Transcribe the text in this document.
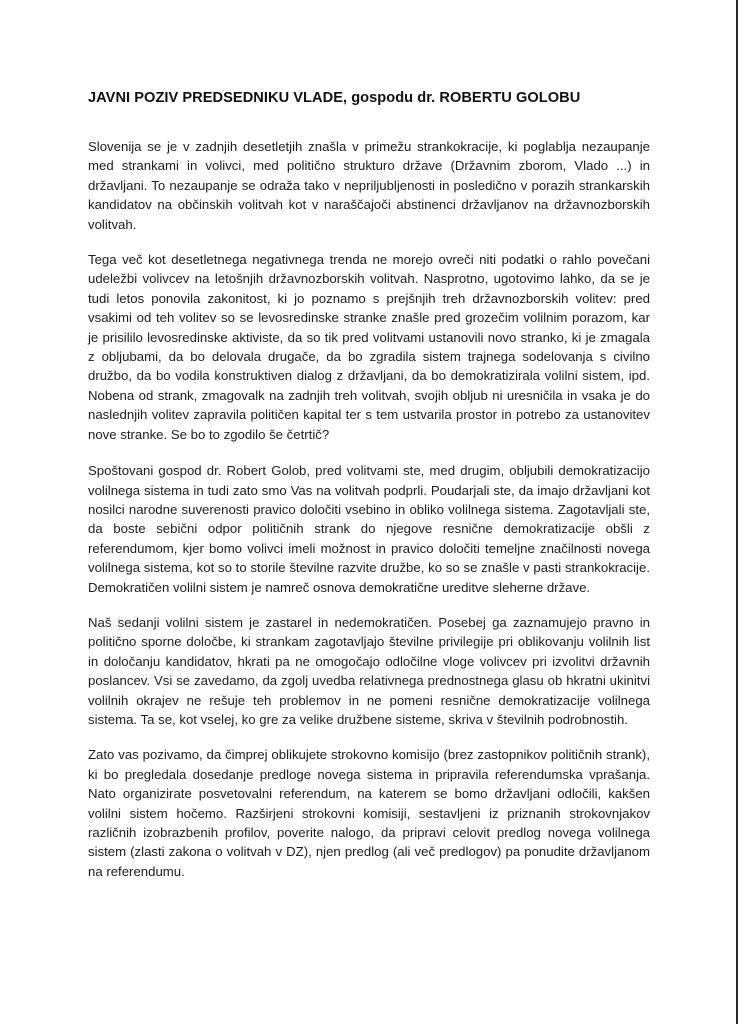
JAVNI POZIV PREDSEDNIKU VLADE, gospodu dr. ROBERTU GOLOBU

Slovenija se je v zadnjih desetletjih znašla v primežu strankokracije, ki poglablja nezaupanje med strankami in volivci, med politično strukturo države (Državnim zborom, Vlado ...) in državljani. To nezaupanje se odraža tako v nepriljubljenosti in posledično v porazih strankarskih kandidatov na občinskih volitvah kot v naraščajoči abstinenci državljanov na državnozborskih volitvah.

Tega več kot desetletnega negativnega trenda ne morejo ovreči niti podatki o rahlo povečani udeležbi volivcev na letošnjih državnozborskih volitvah. Nasprotno, ugotovimo lahko, da se je tudi letos ponovila zakonitost, ki jo poznamo s prejšnjih treh državnozborskih volitev: pred vsakimi od teh volitev so se levosredinske stranke znašle pred grozečim volilnim porazom, kar je prisililo levosredinske aktiviste, da so tik pred volitvami ustanovili novo stranko, ki je zmagala z obljubami, da bo delovala drugače, da bo zgradila sistem trajnega sodelovanja s civilno družbo, da bo vodila konstruktiven dialog z državljani, da bo demokratizirala volilni sistem, ipd. Nobena od strank, zmagovalk na zadnjih treh volitvah, svojih obljub ni uresničila in vsaka je do naslednjih volitev zapravila političen kapital ter s tem ustvarila prostor in potrebo za ustanovitev nove stranke. Se bo to zgodilo še četrtič?

Spoštovani gospod dr. Robert Golob, pred volitvami ste, med drugim, obljubili demokratizacijo volilnega sistema in tudi zato smo Vas na volitvah podprli. Poudarjali ste, da imajo državljani kot nosilci narodne suverenosti pravico določiti vsebino in obliko volilnega sistema. Zagotavljali ste, da boste sebični odpor političnih strank do njegove resnične demokratizacije obšli z referendumom, kjer bomo volivci imeli možnost in pravico določiti temeljne značilnosti novega volilnega sistema, kot so to storile številne razvite družbe, ko so se znašle v pasti strankokracije. Demokratičen volilni sistem je namreč osnova demokratične ureditve sleherne države.

Naš sedanji volilni sistem je zastarel in nedemokratičen. Posebej ga zaznamujejo pravno in politično sporne določbe, ki strankam zagotavljajo številne privilegije pri oblikovanju volilnih list in določanju kandidatov, hkrati pa ne omogočajo odločilne vloge volivcev pri izvolitvi državnih poslancev. Vsi se zavedamo, da zgolj uvedba relativnega prednostnega glasu ob hkratni ukinitvi volilnih okrajev ne rešuje teh problemov in ne pomeni resnične demokratizacije volilnega sistema. Ta se, kot vselej, ko gre za velike družbene sisteme, skriva v številnih podrobnostih.

Zato vas pozivamo, da čimprej oblikujete strokovno komisijo (brez zastopnikov političnih strank), ki bo pregledala dosedanje predloge novega sistema in pripravila referendumska vprašanja. Nato organizirate posvetovalni referendum, na katerem se bomo državljani odločili, kakšen volilni sistem hočemo. Razširjeni strokovni komisiji, sestavljeni iz priznanih strokovnjakov različnih izobrazbenih profilov, poverite nalogo, da pripravi celovit predlog novega volilnega sistem (zlasti zakona o volitvah v DZ), njen predlog (ali več predlogov) pa ponudite državljanom na referendumu.
